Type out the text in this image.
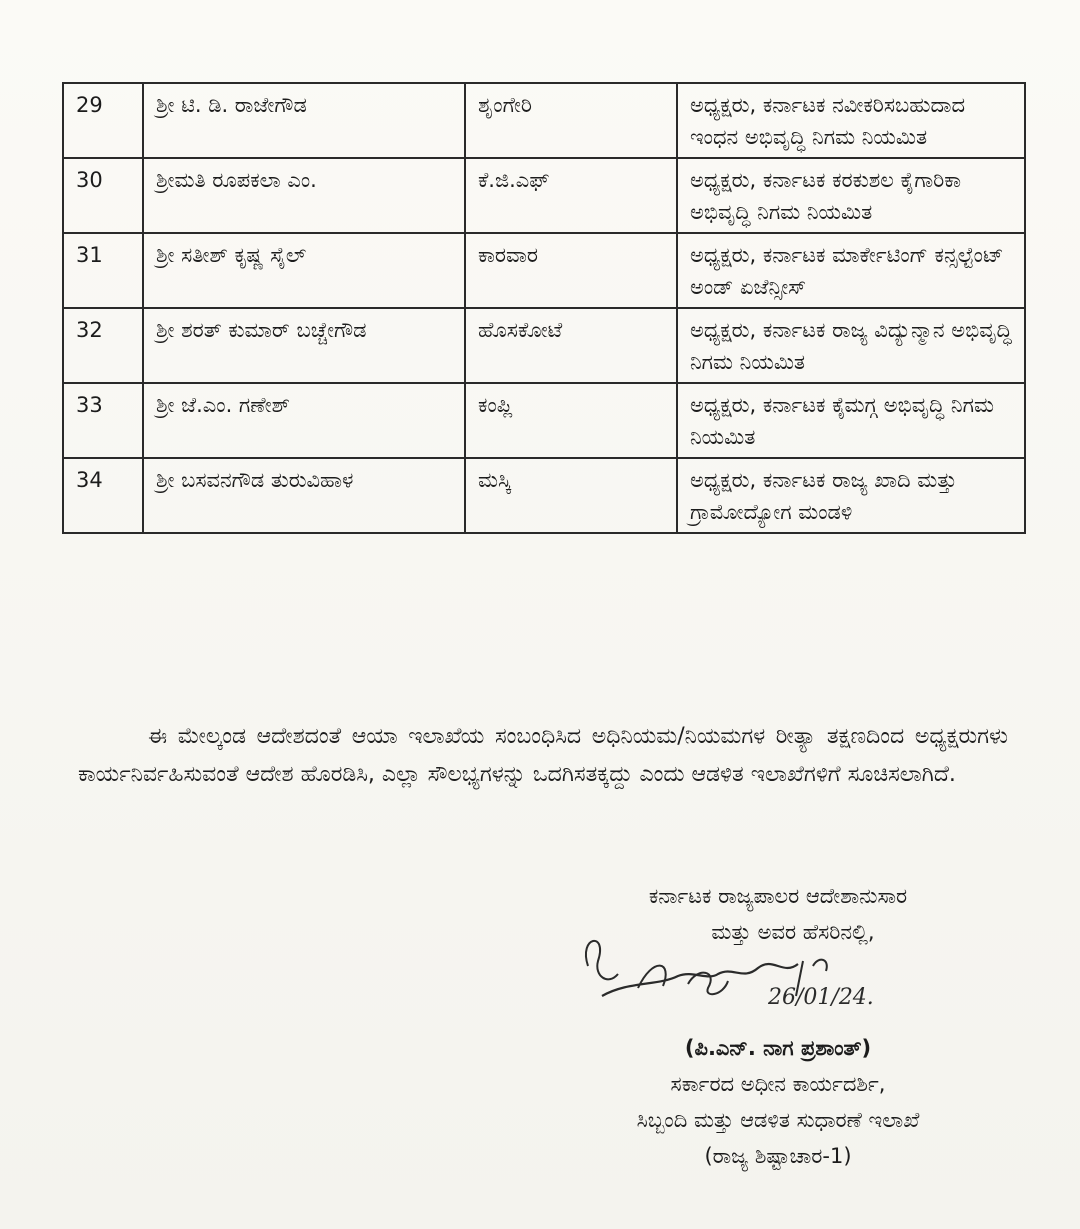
29	ಶ್ರೀ ಟಿ. ಡಿ. ರಾಜೇಗೌಡ	ಶೃಂಗೇರಿ	ಅಧ್ಯಕ್ಷರು, ಕರ್ನಾಟಕ ನವೀಕರಿಸಬಹುದಾದ ಇಂಧನ ಅಭಿವೃದ್ಧಿ ನಿಗಮ ನಿಯಮಿತ
30	ಶ್ರೀಮತಿ ರೂಪಕಲಾ ಎಂ.	ಕೆ.ಜಿ.ಎಫ್	ಅಧ್ಯಕ್ಷರು, ಕರ್ನಾಟಕ ಕರಕುಶಲ ಕೈಗಾರಿಕಾ ಅಭಿವೃದ್ಧಿ ನಿಗಮ ನಿಯಮಿತ
31	ಶ್ರೀ ಸತೀಶ್ ಕೃಷ್ಣ ಸೈಲ್	ಕಾರವಾರ	ಅಧ್ಯಕ್ಷರು, ಕರ್ನಾಟಕ ಮಾರ್ಕೇಟಿಂಗ್ ಕನ್ಸಲ್ಟೆಂಟ್ ಅಂಡ್ ಏಜೆನ್ಸೀಸ್
32	ಶ್ರೀ ಶರತ್ ಕುಮಾರ್ ಬಚ್ಚೇಗೌಡ	ಹೊಸಕೋಟೆ	ಅಧ್ಯಕ್ಷರು, ಕರ್ನಾಟಕ ರಾಜ್ಯ ವಿದ್ಯುನ್ಮಾನ ಅಭಿವೃದ್ಧಿ ನಿಗಮ ನಿಯಮಿತ
33	ಶ್ರೀ ಜೆ.ಎಂ. ಗಣೇಶ್	ಕಂಪ್ಲಿ	ಅಧ್ಯಕ್ಷರು, ಕರ್ನಾಟಕ ಕೈಮಗ್ಗ ಅಭಿವೃದ್ಧಿ ನಿಗಮ ನಿಯಮಿತ
34	ಶ್ರೀ ಬಸವನಗೌಡ ತುರುವಿಹಾಳ	ಮಸ್ಕಿ	ಅಧ್ಯಕ್ಷರು, ಕರ್ನಾಟಕ ರಾಜ್ಯ ಖಾದಿ ಮತ್ತು ಗ್ರಾಮೋದ್ಯೋಗ ಮಂಡಳಿ
ಈ ಮೇಲ್ಕಂಡ ಆದೇಶದಂತೆ ಆಯಾ ಇಲಾಖೆಯ ಸಂಬಂಧಿಸಿದ ಅಧಿನಿಯಮ/ನಿಯಮಗಳ ರೀತ್ಯಾ ತಕ್ಷಣದಿಂದ ಅಧ್ಯಕ್ಷರುಗಳು ಕಾರ್ಯನಿರ್ವಹಿಸುವಂತೆ ಆದೇಶ ಹೊರಡಿಸಿ, ಎಲ್ಲಾ ಸೌಲಭ್ಯಗಳನ್ನು ಒದಗಿಸತಕ್ಕದ್ದು ಎಂದು ಆಡಳಿತ ಇಲಾಖೆಗಳಿಗೆ ಸೂಚಿಸಲಾಗಿದೆ.
ಕರ್ನಾಟಕ ರಾಜ್ಯಪಾಲರ ಆದೇಶಾನುಸಾರ
ಮತ್ತು ಅವರ ಹೆಸರಿನಲ್ಲಿ,
26/01/24.
(ಪಿ.ಎನ್. ನಾಗ ಪ್ರಶಾಂತ್)
ಸರ್ಕಾರದ ಅಧೀನ ಕಾರ್ಯದರ್ಶಿ,
ಸಿಬ್ಬಂದಿ ಮತ್ತು ಆಡಳಿತ ಸುಧಾರಣೆ ಇಲಾಖೆ
(ರಾಜ್ಯ ಶಿಷ್ಟಾಚಾರ-1)
